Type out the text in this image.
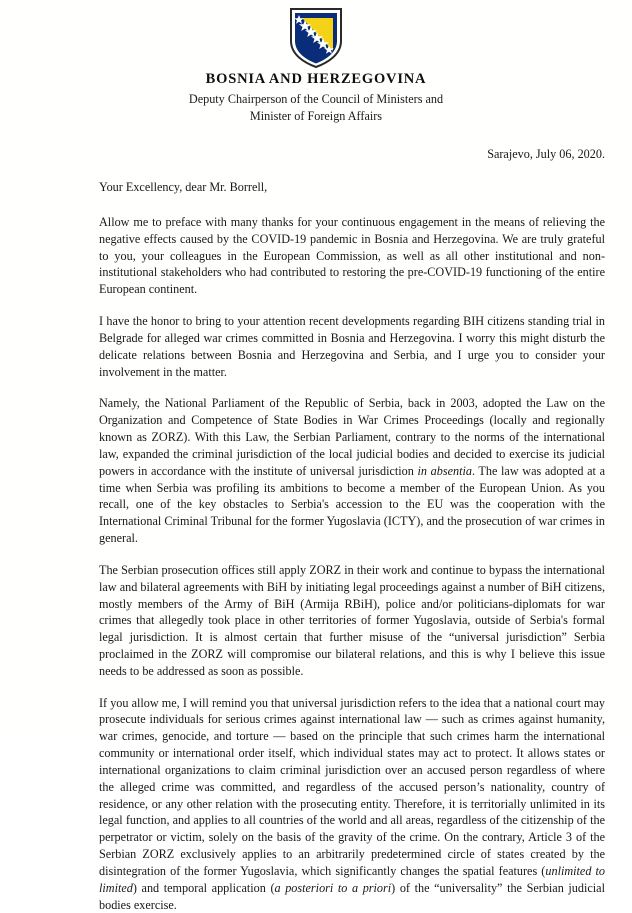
BOSNIA AND HERZEGOVINA
Deputy Chairperson of the Council of Ministers and
Minister of Foreign Affairs
Sarajevo, July 06, 2020.
Your Excellency, dear Mr. Borrell,

Allow me to preface with many thanks for your continuous engagement in the means of relieving the negative effects caused by the COVID-19 pandemic in Bosnia and Herzegovina. We are truly grateful to you, your colleagues in the European Commission, as well as all other institutional and non-institutional stakeholders who had contributed to restoring the pre-COVID-19 functioning of the entire European continent.

I have the honor to bring to your attention recent developments regarding BIH citizens standing trial in Belgrade for alleged war crimes committed in Bosnia and Herzegovina. I worry this might disturb the delicate relations between Bosnia and Herzegovina and Serbia, and I urge you to consider your involvement in the matter.

Namely, the National Parliament of the Republic of Serbia, back in 2003, adopted the Law on the Organization and Competence of State Bodies in War Crimes Proceedings (locally and regionally known as ZORZ). With this Law, the Serbian Parliament, contrary to the norms of the international law, expanded the criminal jurisdiction of the local judicial bodies and decided to exercise its judicial powers in accordance with the institute of universal jurisdiction in absentia. The law was adopted at a time when Serbia was profiling its ambitions to become a member of the European Union. As you recall, one of the key obstacles to Serbia's accession to the EU was the cooperation with the International Criminal Tribunal for the former Yugoslavia (ICTY), and the prosecution of war crimes in general.

The Serbian prosecution offices still apply ZORZ in their work and continue to bypass the international law and bilateral agreements with BiH by initiating legal proceedings against a number of BiH citizens, mostly members of the Army of BiH (Armija RBiH), police and/or politicians-diplomats for war crimes that allegedly took place in other territories of former Yugoslavia, outside of Serbia's formal legal jurisdiction. It is almost certain that further misuse of the “universal jurisdiction” Serbia proclaimed in the ZORZ will compromise our bilateral relations, and this is why I believe this issue needs to be addressed as soon as possible.

If you allow me, I will remind you that universal jurisdiction refers to the idea that a national court may prosecute individuals for serious crimes against international law — such as crimes against humanity, war crimes, genocide, and torture — based on the principle that such crimes harm the international community or international order itself, which individual states may act to protect. It allows states or international organizations to claim criminal jurisdiction over an accused person regardless of where the alleged crime was committed, and regardless of the accused person’s nationality, country of residence, or any other relation with the prosecuting entity. Therefore, it is territorially unlimited in its legal function, and applies to all countries of the world and all areas, regardless of the citizenship of the perpetrator or victim, solely on the basis of the gravity of the crime. On the contrary, Article 3 of the Serbian ZORZ exclusively applies to an arbitrarily predetermined circle of states created by the disintegration of the former Yugoslavia, which significantly changes the spatial features (unlimited to limited) and temporal application (a posteriori to a priori) of the “universality” the Serbian judicial bodies exercise.
